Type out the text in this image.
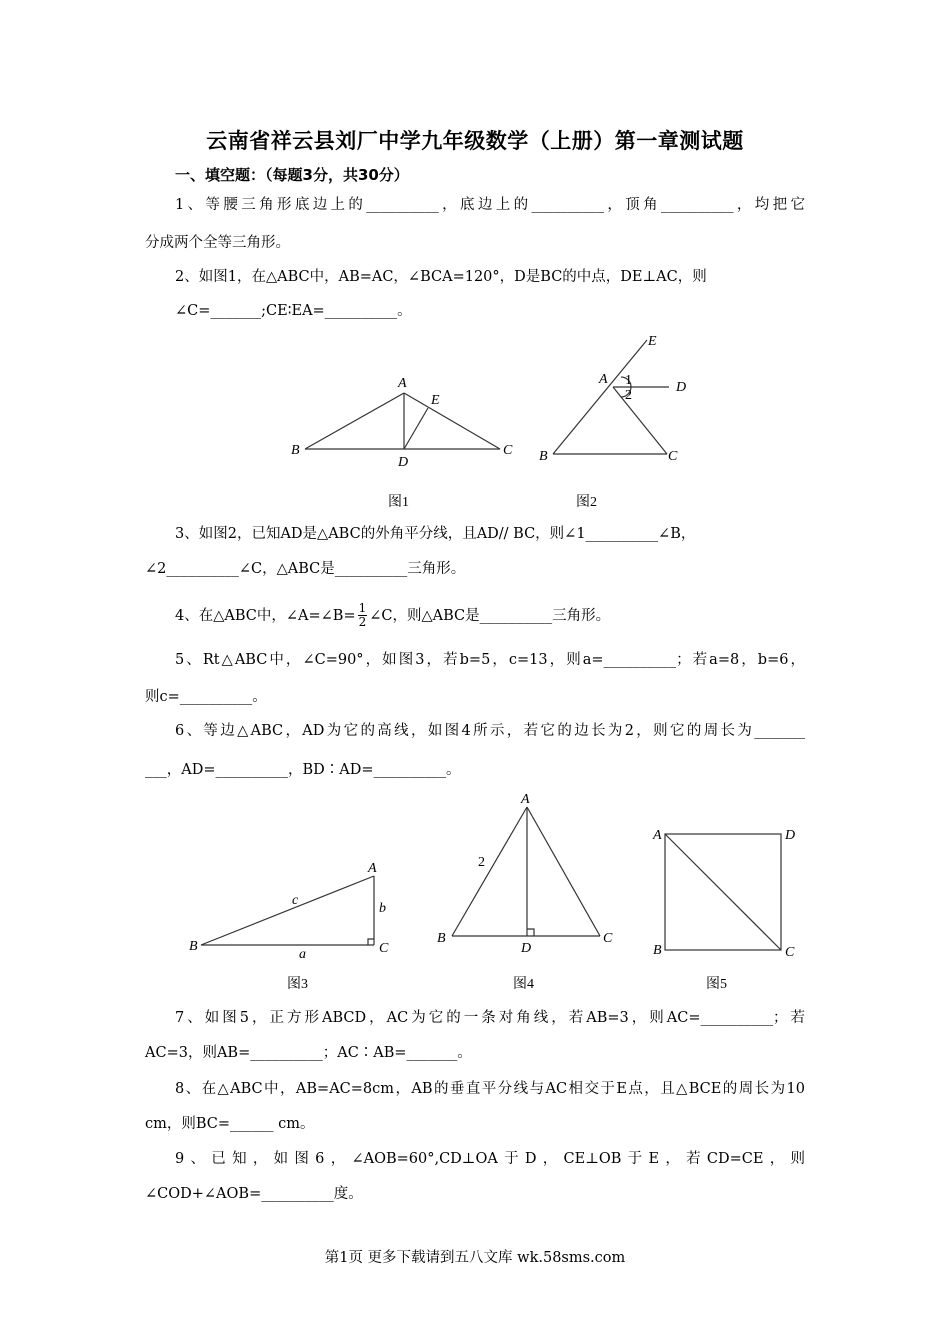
云南省祥云县刘厂中学九年级数学（上册）第一章测试题
一、填空题：（每题3分，共30分）
1、等腰三角形底边上的__________，底边上的__________，顶角__________，均把它
分成两个全等三角形。
2、如图1，在△ABC中，AB=AC，∠BCA=120°，D是BC的中点，DE⊥AC，则
∠C=_______;CE∶EA=__________。
A
B	C
D
E
图1
A
B	C
D
E
1
2
图2
A
B	C
a
b
c
图3
A
B	C
D
2
图4
A
B	C
D
图5
3、如图2，已知AD是△ABC的外角平分线，且AD// BC，则∠1__________∠B，
∠2__________∠C，△ABC是__________三角形。
4、在△ABC中，∠A=∠B= $\frac{1}{2}$ ∠C，则△ABC是__________三角形。
5、Rt△ABC中，∠C=90°，如图3，若b=5，c=13，则a=__________；若a=8，b=6，
则c=__________。
6、等边△ABC，AD为它的高线，如图4所示，若它的边长为2，则它的周长为_______
___，AD=__________，BD∶AD=__________。
7、如图5，正方形ABCD，AC为它的一条对角线，若AB=3，则AC=__________；若
AC=3，则AB=__________；AC∶AB=_______。
8、在△ABC中，AB=AC=8cm，AB的垂直平分线与AC相交于E点，且△BCE的周长为10
cm，则BC=______ cm。
9、已知，如图6，∠AOB=60°,CD⊥OA于D，CE⊥OB于E，若CD=CE，则
∠COD+∠AOB=__________度。
第1页 更多下载请到五八文库 wk.58sms.com
